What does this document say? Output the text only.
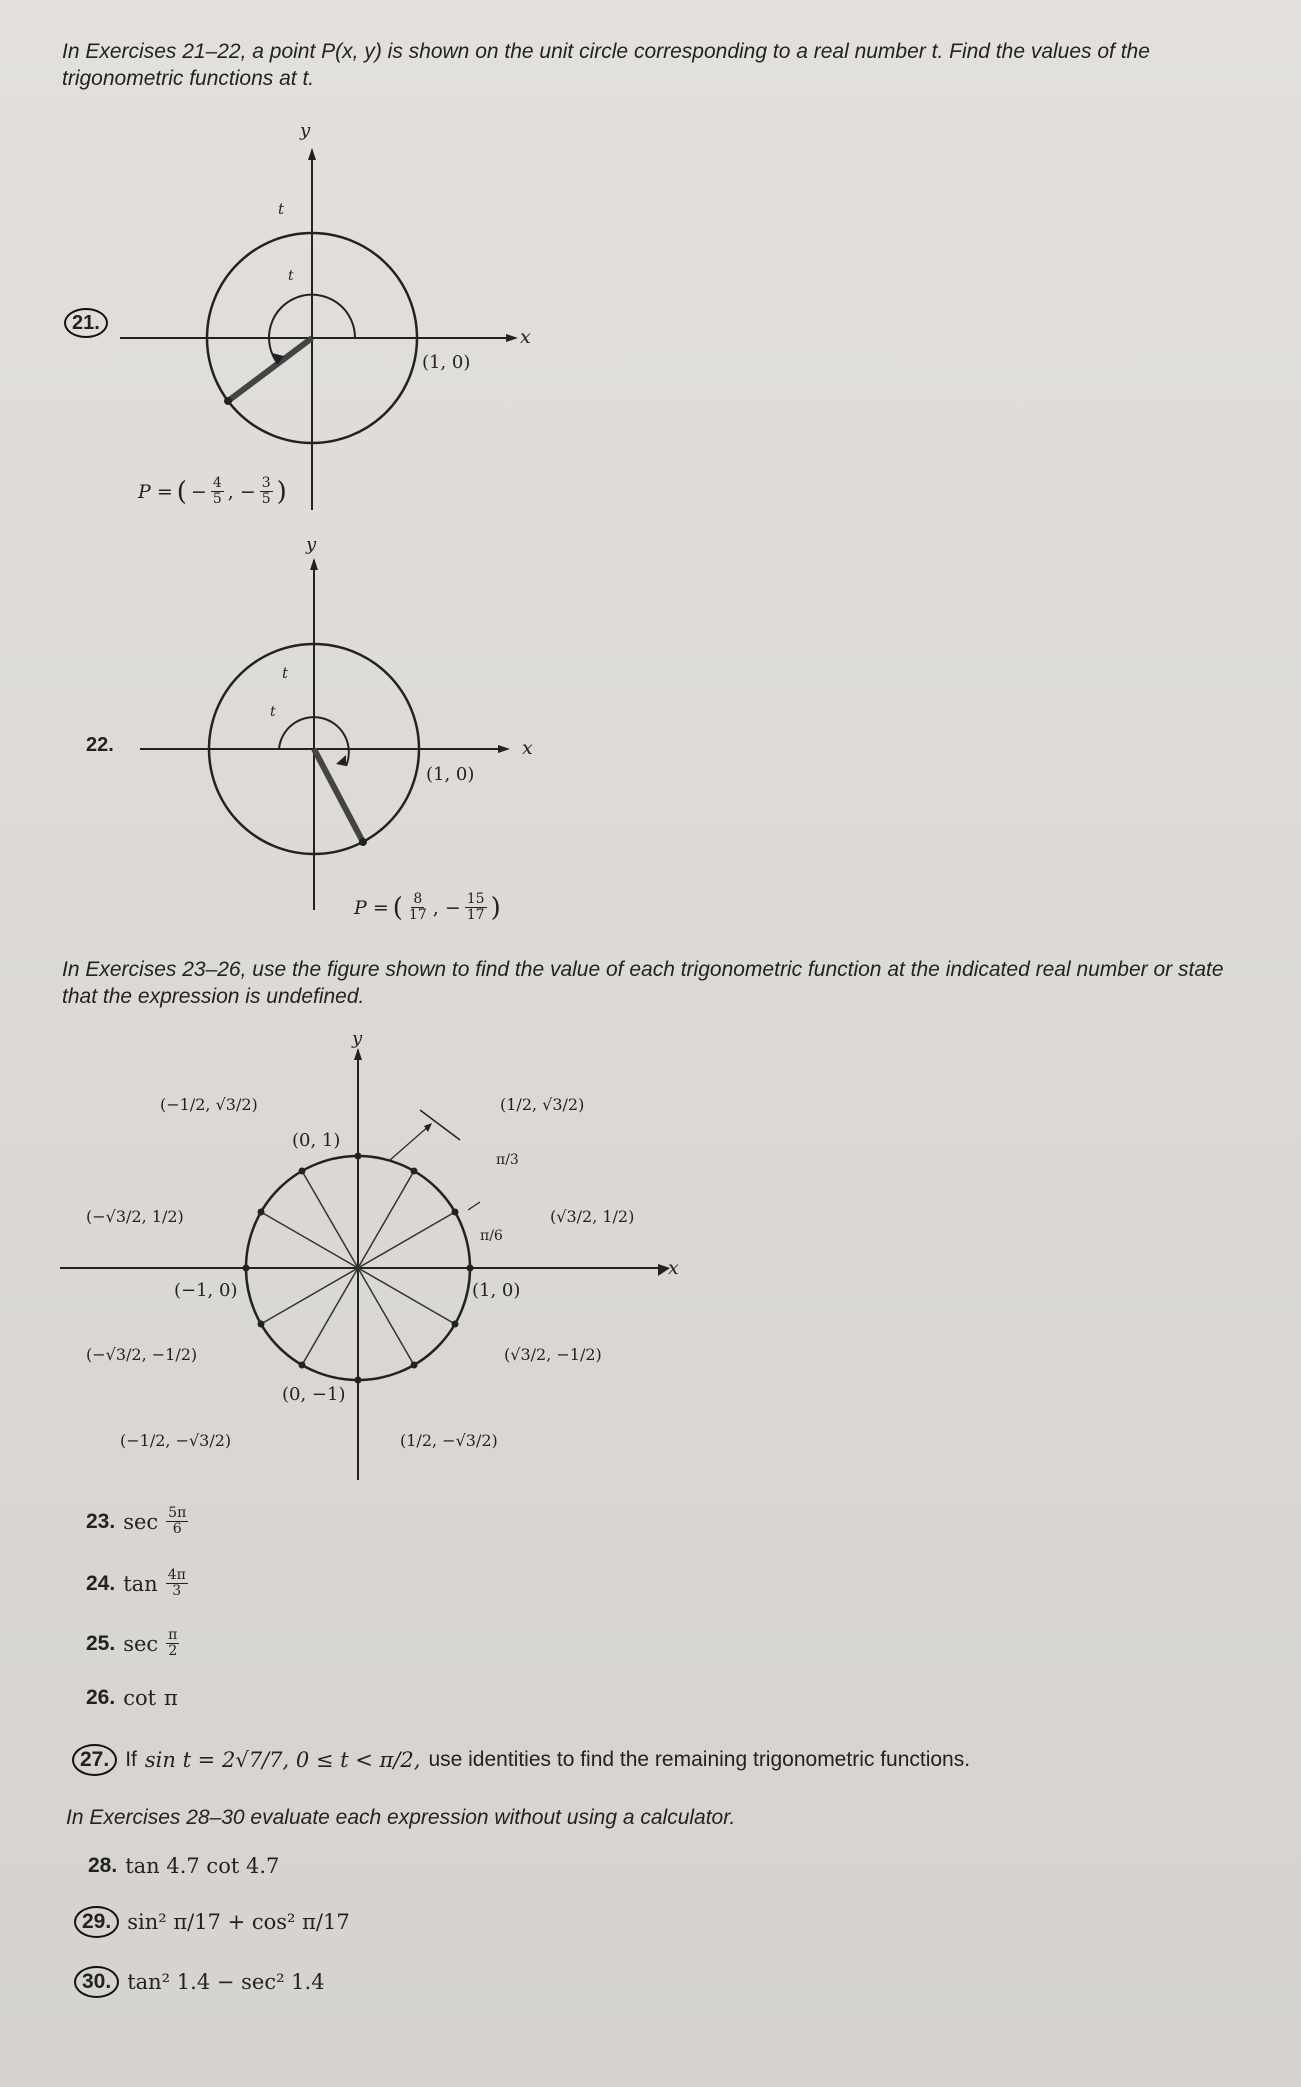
In Exercises 21–22, a point P(x, y) is shown on the unit circle corresponding to a real number t. Find the values of the trigonometric functions at t.
t
t
y
x
(1, 0)
21.
P = ( − $\frac{4}{5}$ , − $\frac{3}{5}$ )
t
t
y
x
(1, 0)
22.
P = ( $\frac{8}{17}$ , − $\frac{15}{17}$ )
In Exercises 23–26, use the figure shown to find the value of each trigonometric function at the indicated real number or state that the expression is undefined.
x
y
(0, 1)
(−1, 0)	(1, 0)
(0, −1)
π/3
π/6
(1/2, √3/2)
(√3/2, 1/2)
(−1/2, √3/2)
(−√3/2, 1/2)
(−√3/2, −1/2)
(−1/2, −√3/2)
(√3/2, −1/2)
(1/2, −√3/2)
23. $\sec \frac{5\pi}{6}$
24. $\tan \frac{4\pi}{3}$
25. $\sec \frac{\pi}{2}$
26. cot π
27. If sin t = 2√7/7, 0 ≤ t < π/2, use identities to find the remaining trigonometric functions.
In Exercises 28–30 evaluate each expression without using a calculator.
28. tan 4.7 cot 4.7
29. sin² π/17 + cos² π/17
30. tan² 1.4 − sec² 1.4
